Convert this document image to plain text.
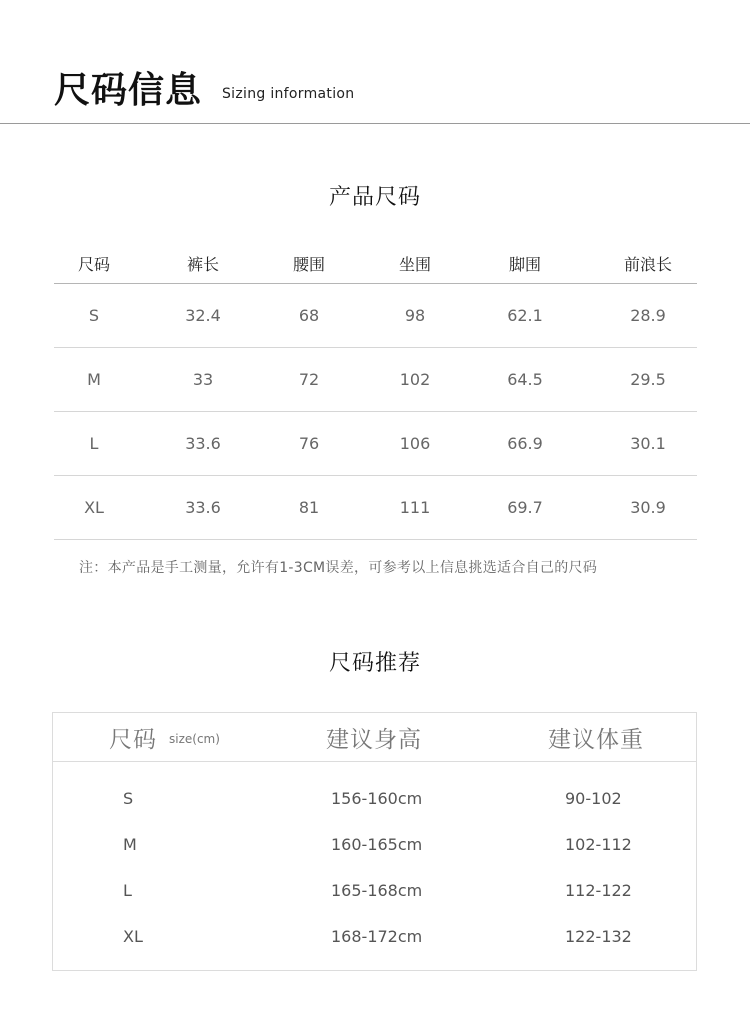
尺码信息 Sizing information
产品尺码
尺码	裤长	腰围	坐围	脚围	前浪长
S	32.4	68	98	62.1	28.9
M	33	72	102	64.5	29.5
L	33.6	76	106	66.9	30.1
XL	33.6	81	111	69.7	30.9
注：本产品是手工测量，允许有1-3CM误差，可参考以上信息挑选适合自己的尺码
尺码推荐
尺码 size(cm)	建议身高	建议体重
S	156-160cm	90-102
M	160-165cm	102-112
L	165-168cm	112-122
XL	168-172cm	122-132
